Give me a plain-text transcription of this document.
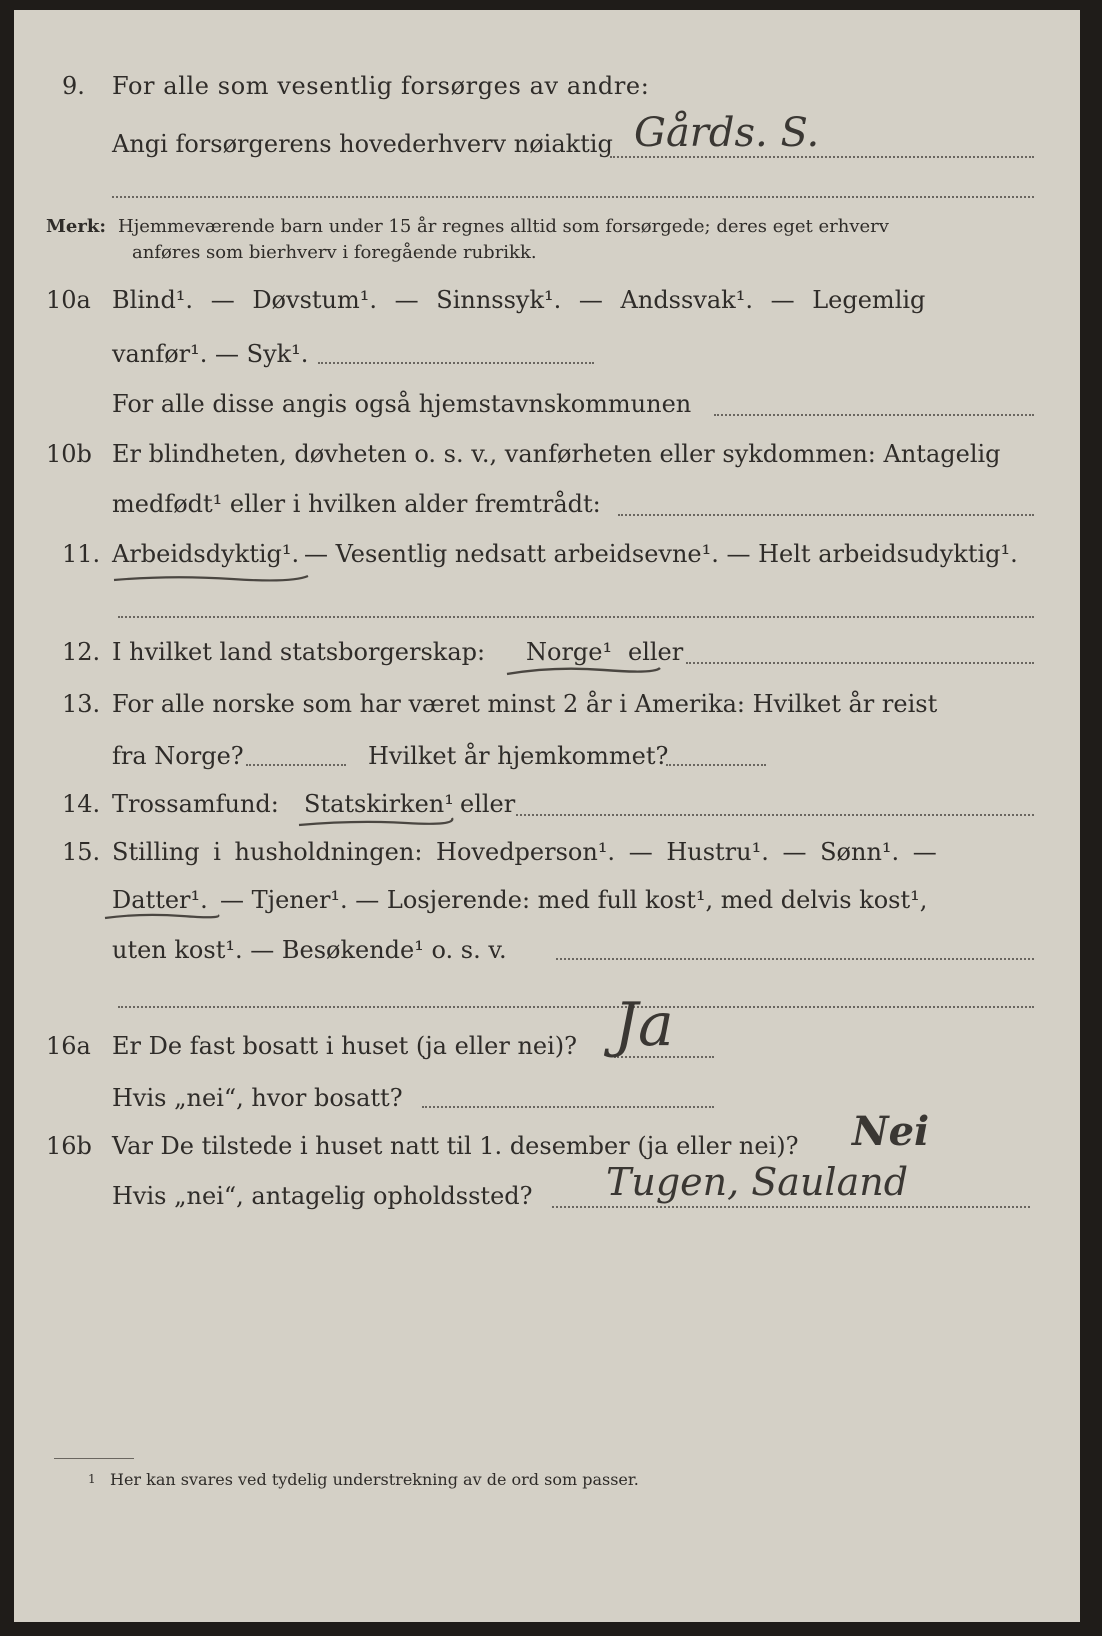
9. For alle som vesentlig forsørges av andre:
Angi forsørgerens hovederhverv nøiaktig Gårds. S.
Merk: Hjemmeværende barn under 15 år regnes alltid som forsørgede; deres eget erhverv
anføres som bierhverv i foregående rubrikk.
10a Blind¹. — Døvstum¹. — Sinnssyk¹. — Andssvak¹. — Legemlig
vanfør¹. — Syk¹.
For alle disse angis også hjemstavnskommunen
10b Er blindheten, døvheten o. s. v., vanførheten eller sykdommen: Antagelig
medfødt¹ eller i hvilken alder fremtrådt:
11. Arbeidsdyktig¹. — Vesentlig nedsatt arbeidsevne¹. — Helt arbeidsudyktig¹.
12. I hvilket land statsborgerskap: Norge¹ eller
13. For alle norske som har været minst 2 år i Amerika: Hvilket år reist
fra Norge?	Hvilket år hjemkommet?
14. Trossamfund: Statskirken¹ eller
15. Stilling i husholdningen: Hovedperson¹. — Hustru¹. — Sønn¹. —
Datter¹. — Tjener¹. — Losjerende: med full kost¹, med delvis kost¹,
uten kost¹. — Besøkende¹ o. s. v.
16a Er De fast bosatt i huset (ja eller nei)? Ja
Hvis „nei“, hvor bosatt?
16b Var De tilstede i huset natt til 1. desember (ja eller nei)? Nei
Hvis „nei“, antagelig opholdssted? Tugen, Sauland
1 Her kan svares ved tydelig understrekning av de ord som passer.
